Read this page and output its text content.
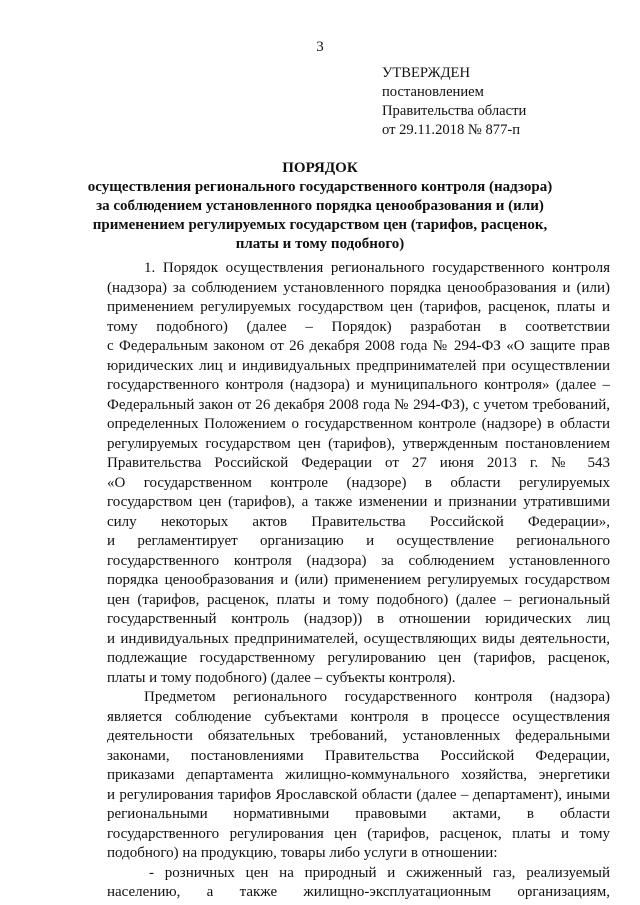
3
УТВЕРЖДЕН
постановлением
Правительства области
от 29.11.2018 № 877-п
ПОРЯДОК
осуществления регионального государственного контроля (надзора)
за соблюдением установленного порядка ценообразования и (или)
применением регулируемых государством цен (тарифов, расценок,
платы и тому подобного)
1. Порядок осуществления регионального государственного контроля
(надзора) за соблюдением установленного порядка ценообразования и (или)
применением регулируемых государством цен (тарифов, расценок, платы и
тому подобного) (далее – Порядок) разработан в соответствии
с Федеральным законом от 26 декабря 2008 года № 294-ФЗ «О защите прав
юридических лиц и индивидуальных предпринимателей при осуществлении
государственного контроля (надзора) и муниципального контроля» (далее –
Федеральный закон от 26 декабря 2008 года № 294-ФЗ), с учетом требований,
определенных Положением о государственном контроле (надзоре) в области
регулируемых государством цен (тарифов), утвержденным постановлением
Правительства Российской Федерации от 27 июня 2013 г. № 543
«О государственном контроле (надзоре) в области регулируемых
государством цен (тарифов), а также изменении и признании утратившими
силу некоторых актов Правительства Российской Федерации»,
и регламентирует организацию и осуществление регионального
государственного контроля (надзора) за соблюдением установленного
порядка ценообразования и (или) применением регулируемых государством
цен (тарифов, расценок, платы и тому подобного) (далее – региональный
государственный контроль (надзор)) в отношении юридических лиц
и индивидуальных предпринимателей, осуществляющих виды деятельности,
подлежащие государственному регулированию цен (тарифов, расценок,
платы и тому подобного) (далее – субъекты контроля).
Предметом регионального государственного контроля (надзора)
является соблюдение субъектами контроля в процессе осуществления
деятельности обязательных требований, установленных федеральными
законами, постановлениями Правительства Российской Федерации,
приказами департамента жилищно-коммунального хозяйства, энергетики
и регулирования тарифов Ярославской области (далее – департамент), иными
региональными нормативными правовыми актами, в области
государственного регулирования цен (тарифов, расценок, платы и тому
подобного) на продукцию, товары либо услуги в отношении:
- розничных цен на природный и сжиженный газ, реализуемый
населению, а также жилищно-эксплуатационным организациям,
